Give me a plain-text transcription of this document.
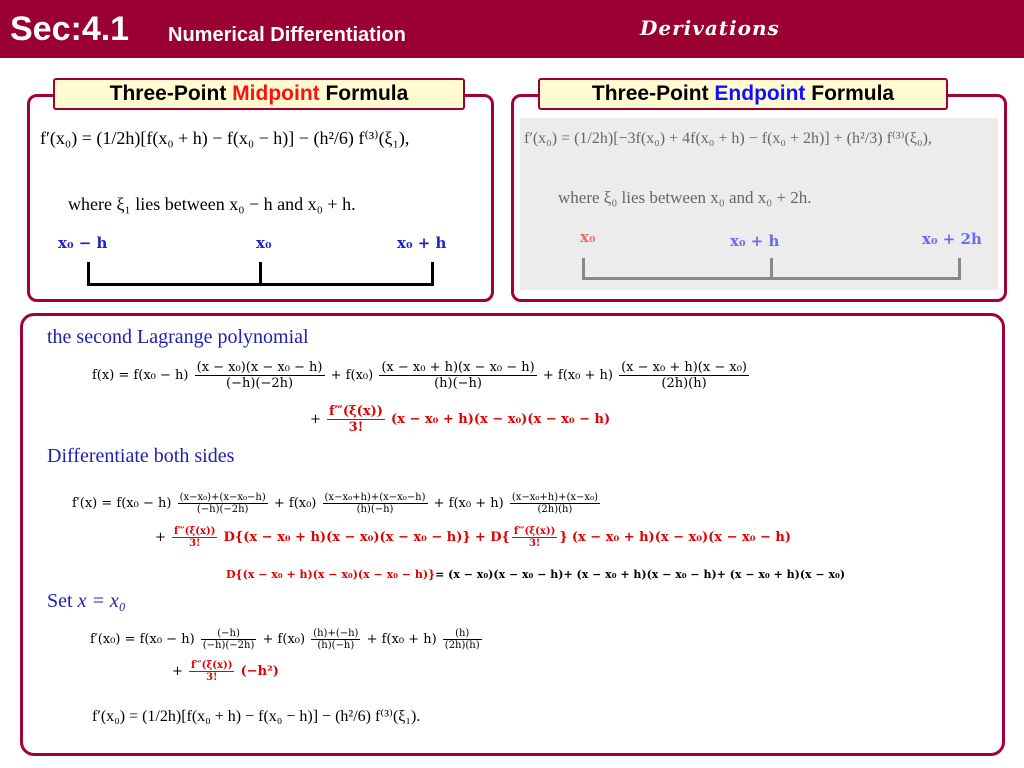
Sec:4.1 Numerical Differentiation	Derivations
Three-Point Midpoint Formula
f′(x₀) = (1/2h)[f(x₀ + h) − f(x₀ − h)] − (h²/6) f⁽³⁾(ξ₁),
where ξ₁ lies between x₀ − h and x₀ + h.
x₀ − h	x₀	x₀ + h
Three-Point Endpoint Formula
f′(x₀) = (1/2h)[−3f(x₀) + 4f(x₀ + h) − f(x₀ + 2h)] + (h²/3) f⁽³⁾(ξ₀),
where ξ₀ lies between x₀ and x₀ + 2h.
x₀	x₀ + h	x₀ + 2h
the second Lagrange polynomial
$f(x) = f(x_0 - h) \frac{\text{(x − x₀)(x − x₀ − h)}}{(-h)(-2h)} + f(x_0) \frac{\text{(x − x₀ + h)(x − x₀ − h)}}{(h)(-h)} + f(x_0 + h) \frac{\text{(x − x₀ + h)(x − x₀)}}{(2h)(h)}$
+ $\frac{f‴(\xi(x))}{3!} (x - x_0 + h)(x - x_0)(x - x_0 - h)$
Differentiate both sides
$f'(x) = f(x_0 - h) \frac{\text{(x−x₀)+(x−x₀−h)}}{(-h)(-2h)} + f(x_0) \frac{\text{(x−x₀+h)+(x−x₀−h)}}{(h)(-h)} + f(x_0 + h) \frac{\text{(x−x₀+h)+(x−x₀)}}{(2h)(h)}$
+ $\frac{f‴(\xi(x))}{3!} D\{(x - x_0 + h)(x - x_0)(x - x_0 - h)\} + D\{ \frac{f‴(\xi(x))}{3!}$ } (x − x₀ + h)(x − x₀)(x − x₀ − h)
D{(x − x₀ + h)(x − x₀)(x − x₀ − h)}= (x − x₀)(x − x₀ − h)+ (x − x₀ + h)(x − x₀ − h)+ (x − x₀ + h)(x − x₀)
Set x = x₀
$f'(x_0) = f(x_0 - h) \frac{(-h)}{(-h)(-2h)} + f(x_0) \frac{(h)+(-h)}{(h)(-h)} + f(x_0 + h) \frac{(h)}{(2h)(h)}$
+ $\frac{f‴(\xi(x))}{3!} (-h^2)$
f′(x₀) = (1/2h)[f(x₀ + h) − f(x₀ − h)] − (h²/6) f⁽³⁾(ξ₁).
